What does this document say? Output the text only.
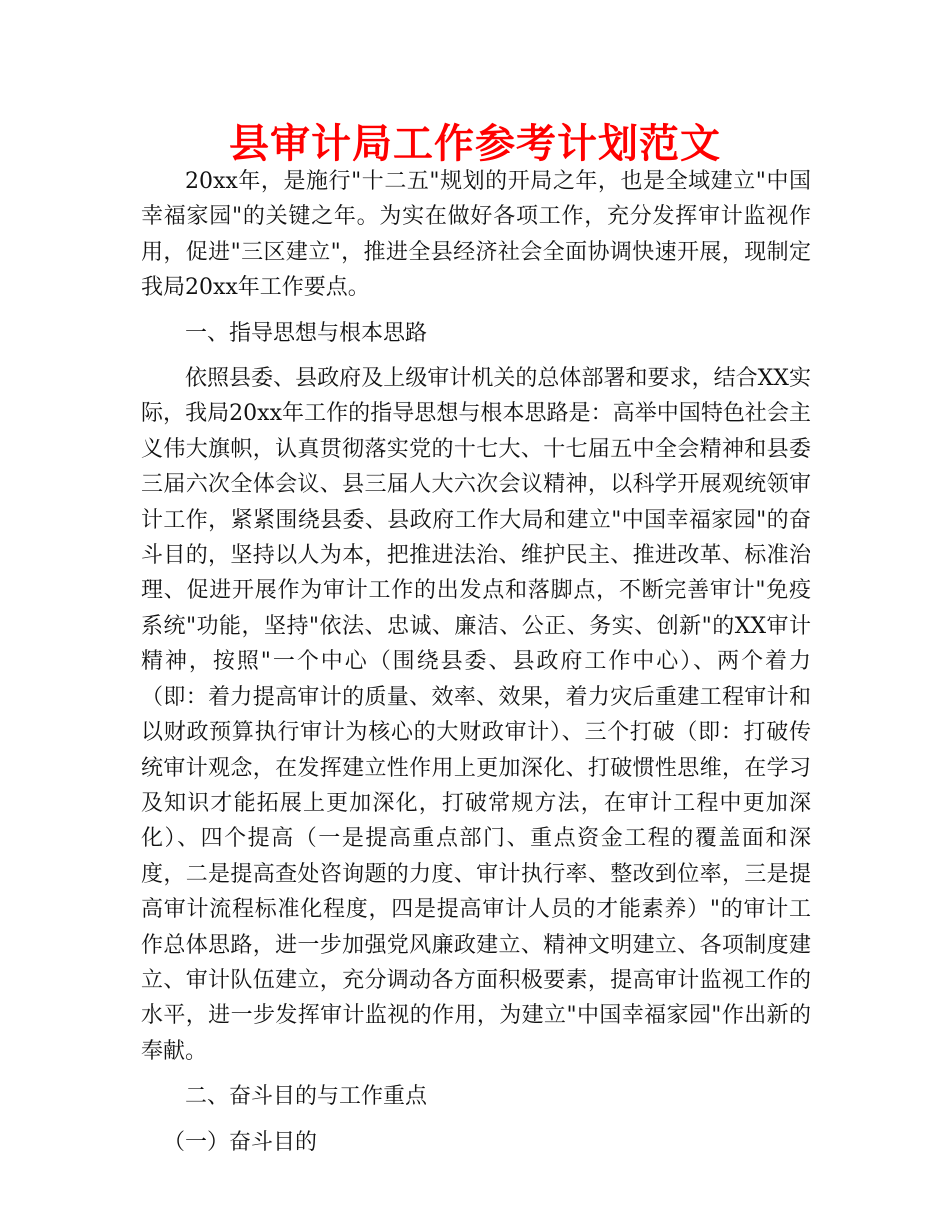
县审计局工作参考计划范文

20xx年，是施行"十二五"规划的开局之年，也是全域建立"中国幸福家园"的关键之年。为实在做好各项工作，充分发挥审计监视作用，促进"三区建立"，推进全县经济社会全面协调快速开展，现制定我局20xx年工作要点。

一、指导思想与根本思路

依照县委、县政府及上级审计机关的总体部署和要求，结合XX实际，我局20xx年工作的指导思想与根本思路是：高举中国特色社会主义伟大旗帜，认真贯彻落实党的十七大、十七届五中全会精神和县委三届六次全体会议、县三届人大六次会议精神，以科学开展观统领审计工作，紧紧围绕县委、县政府工作大局和建立"中国幸福家园"的奋斗目的，坚持以人为本，把推进法治、维护民主、推进改革、标准治理、促进开展作为审计工作的出发点和落脚点，不断完善审计"免疫系统"功能，坚持"依法、忠诚、廉洁、公正、务实、创新"的XX审计精神，按照"一个中心（围绕县委、县政府工作中心）、两个着力（即：着力提高审计的质量、效率、效果，着力灾后重建工程审计和以财政预算执行审计为核心的大财政审计）、三个打破（即：打破传统审计观念，在发挥建立性作用上更加深化、打破惯性思维，在学习及知识才能拓展上更加深化，打破常规方法，在审计工程中更加深化）、四个提高（一是提高重点部门、重点资金工程的覆盖面和深度，二是提高查处咨询题的力度、审计执行率、整改到位率，三是提高审计流程标准化程度，四是提高审计人员的才能素养）"的审计工作总体思路，进一步加强党风廉政建立、精神文明建立、各项制度建立、审计队伍建立，充分调动各方面积极要素，提高审计监视工作的水平，进一步发挥审计监视的作用，为建立"中国幸福家园"作出新的奉献。

二、奋斗目的与工作重点

（一）奋斗目的
